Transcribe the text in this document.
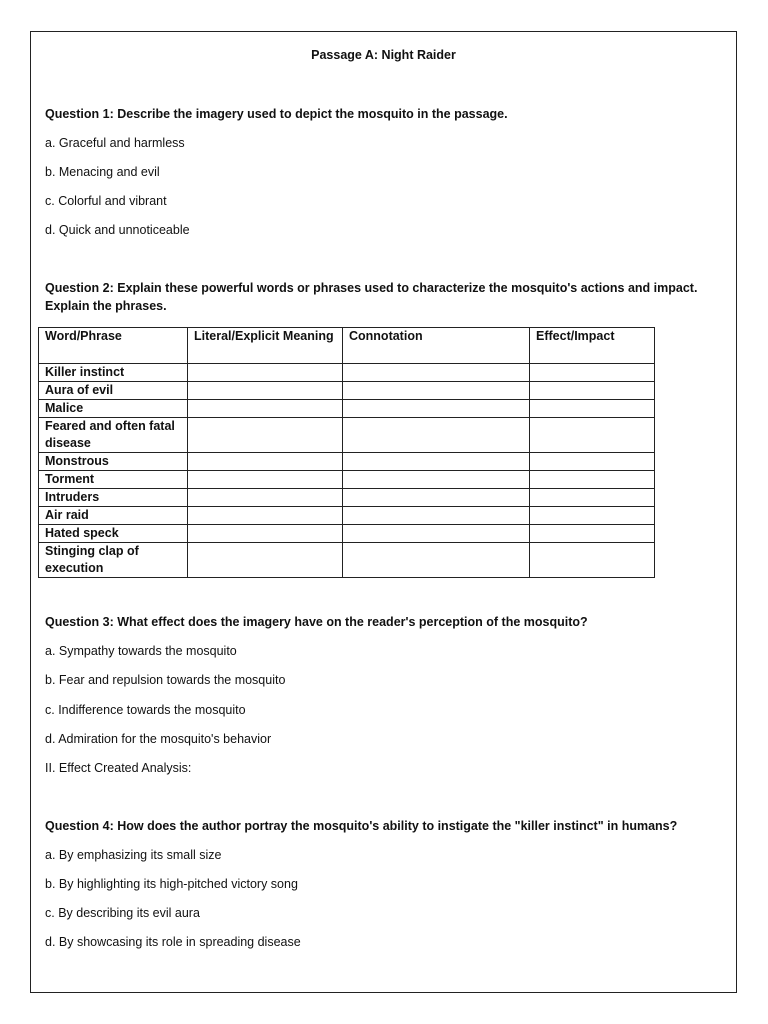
Passage A: Night Raider
Question 1: Describe the imagery used to depict the mosquito in the passage.
a. Graceful and harmless
b. Menacing and evil
c. Colorful and vibrant
d. Quick and unnoticeable
Question 2: Explain these powerful words or phrases used to characterize the mosquito's actions and impact. Explain the phrases.
Word/Phrase	Literal/Explicit Meaning	Connotation	Effect/Impact
Killer instinct			
Aura of evil			
Malice			
Feared and often fatal disease			
Monstrous			
Torment			
Intruders			
Air raid			
Hated speck			
Stinging clap of execution			
Question 3: What effect does the imagery have on the reader's perception of the mosquito?
a. Sympathy towards the mosquito
b. Fear and repulsion towards the mosquito
c. Indifference towards the mosquito
d. Admiration for the mosquito's behavior
II. Effect Created Analysis:
Question 4: How does the author portray the mosquito's ability to instigate the "killer instinct" in humans?
a. By emphasizing its small size
b. By highlighting its high-pitched victory song
c. By describing its evil aura
d. By showcasing its role in spreading disease
